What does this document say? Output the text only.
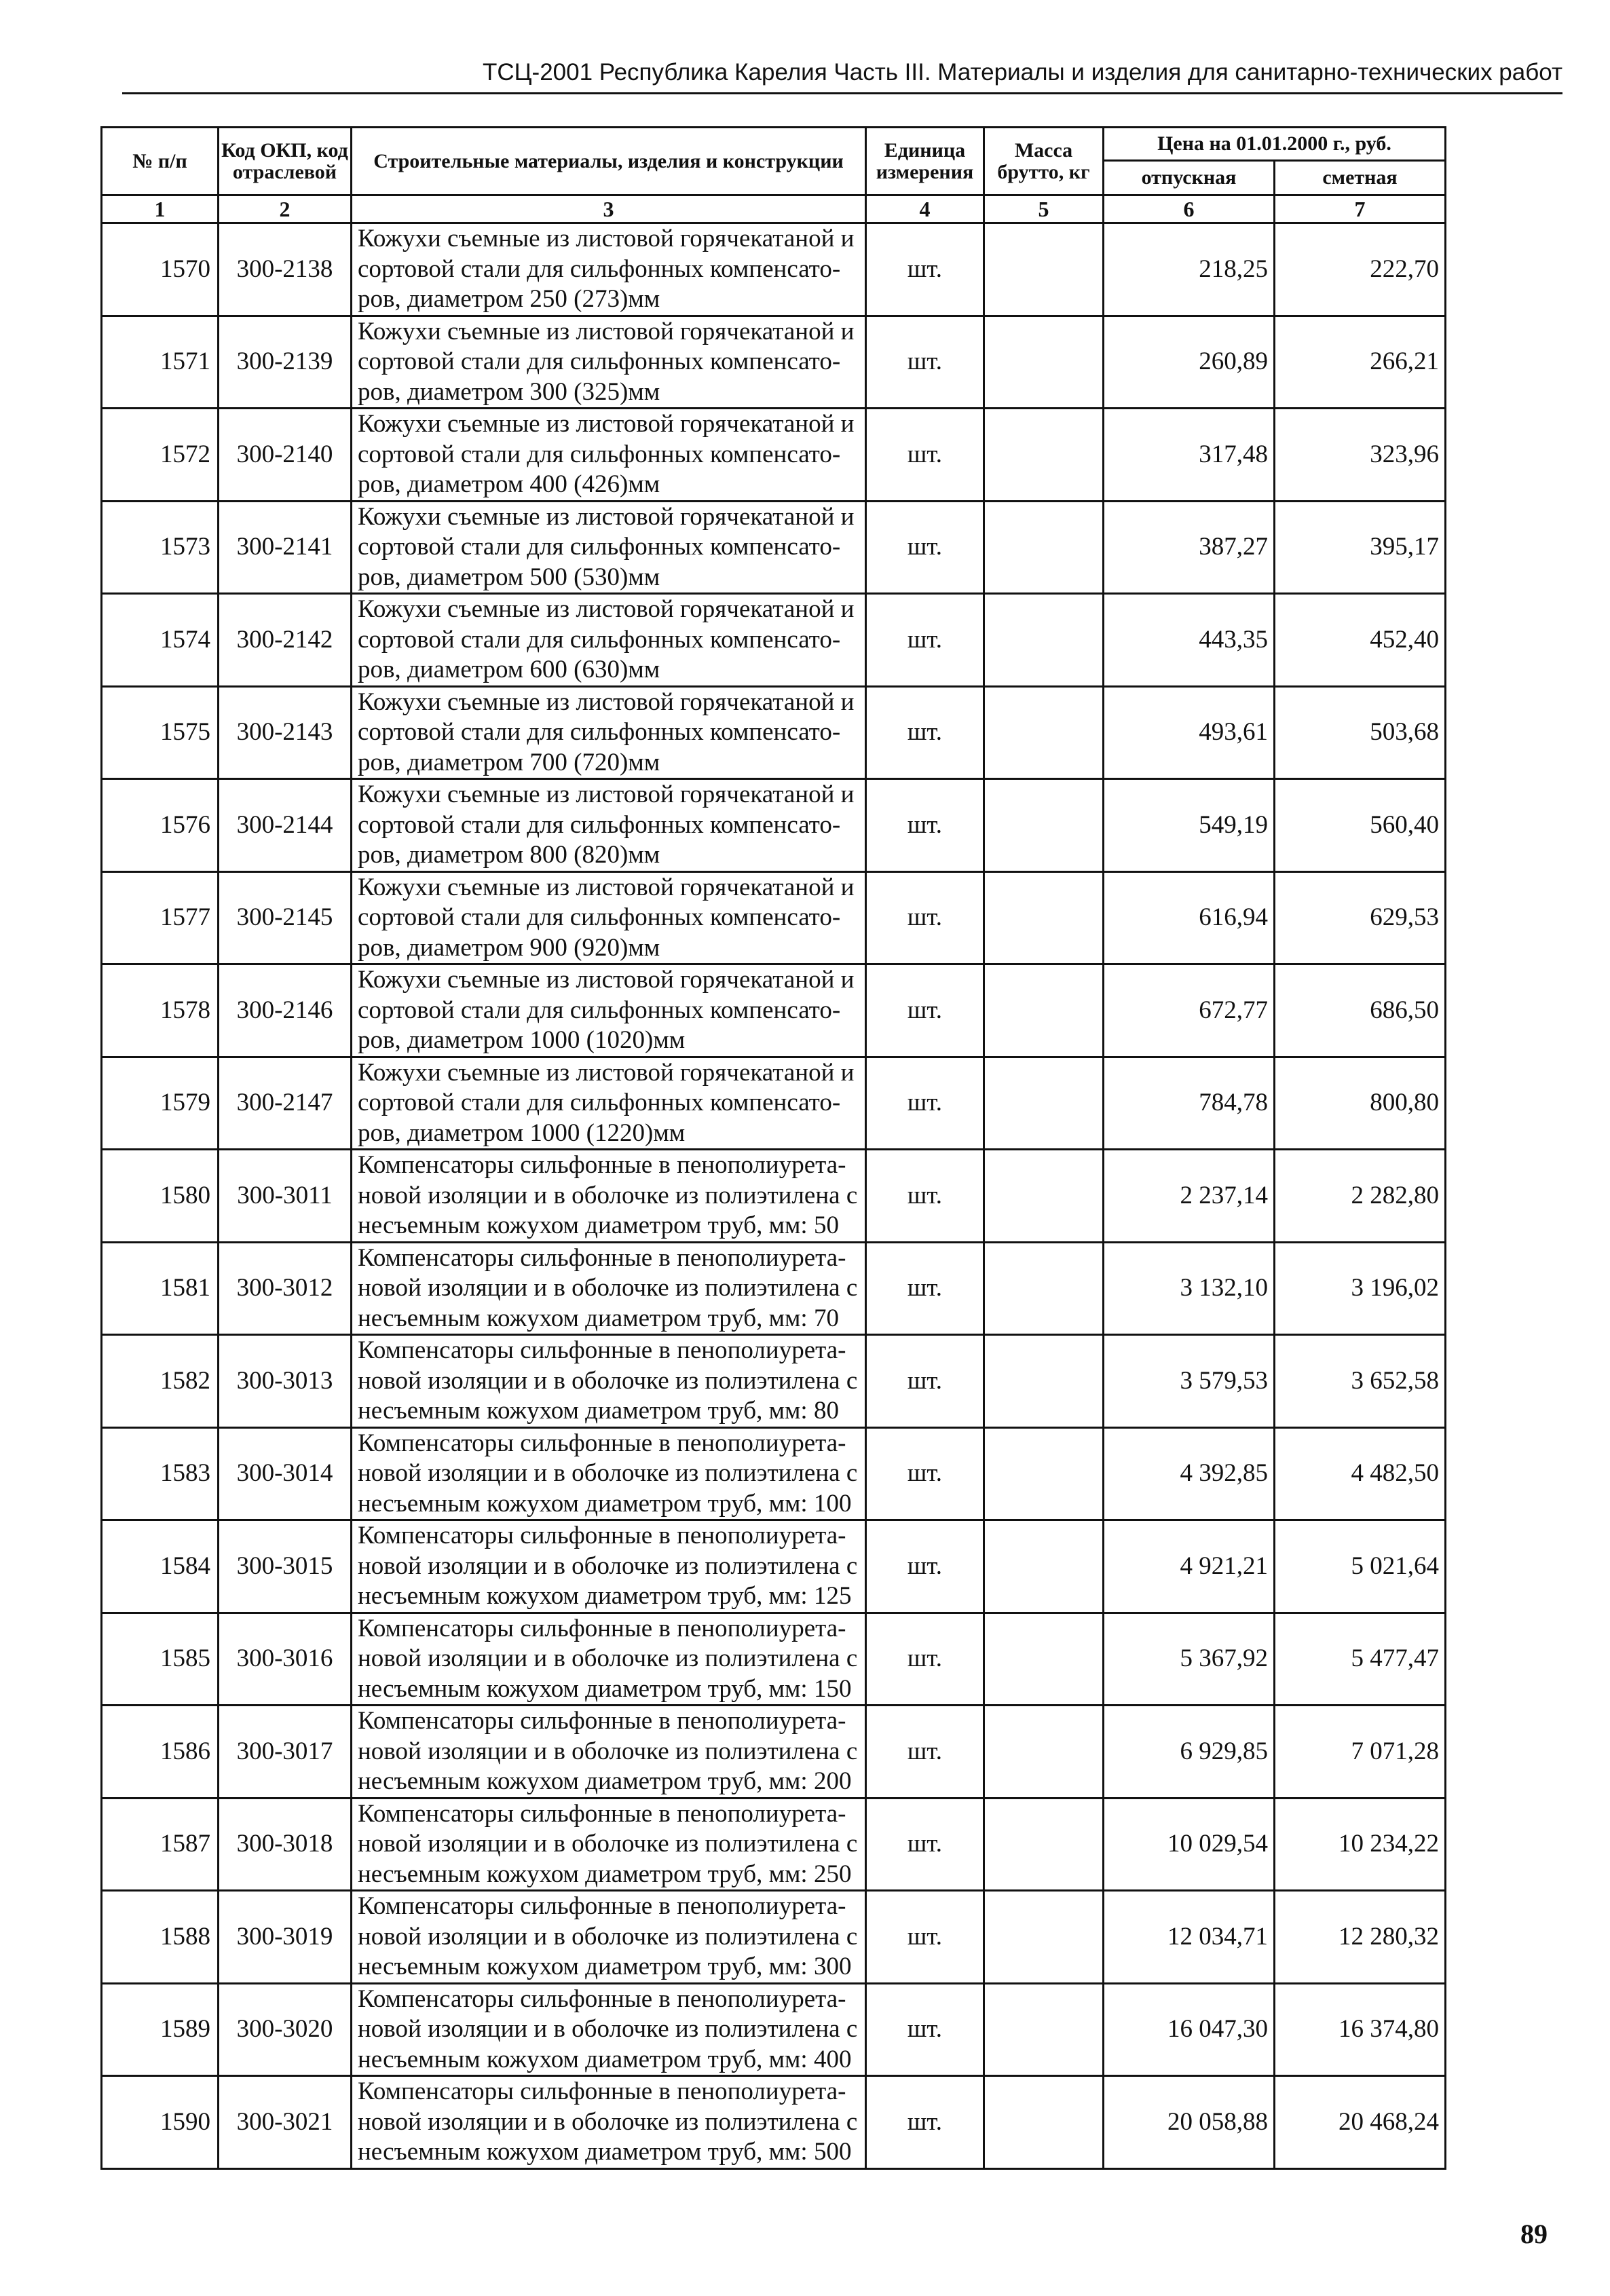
ТСЦ-2001 Республика Карелия Часть III. Материалы и изделия для санитарно-технических работ
№ п/п	Код ОКП, код отраслевой	Строительные материалы, изделия и конструкции	Единица измерения	Масса брутто, кг	Цена на 01.01.2000 г., руб.	
					отпускная	сметная
1	2	3	4	5	6	7
1570	300-2138	Кожухи съемные из листовой горячекатаной и
сортовой стали для сильфонных компенсато-
ров, диаметром 250 (273)мм	шт.		218,25	222,70
1571	300-2139	Кожухи съемные из листовой горячекатаной и
сортовой стали для сильфонных компенсато-
ров, диаметром 300 (325)мм	шт.		260,89	266,21
1572	300-2140	Кожухи съемные из листовой горячекатаной и
сортовой стали для сильфонных компенсато-
ров, диаметром 400 (426)мм	шт.		317,48	323,96
1573	300-2141	Кожухи съемные из листовой горячекатаной и
сортовой стали для сильфонных компенсато-
ров, диаметром 500 (530)мм	шт.		387,27	395,17
1574	300-2142	Кожухи съемные из листовой горячекатаной и
сортовой стали для сильфонных компенсато-
ров, диаметром 600 (630)мм	шт.		443,35	452,40
1575	300-2143	Кожухи съемные из листовой горячекатаной и
сортовой стали для сильфонных компенсато-
ров, диаметром 700 (720)мм	шт.		493,61	503,68
1576	300-2144	Кожухи съемные из листовой горячекатаной и
сортовой стали для сильфонных компенсато-
ров, диаметром 800 (820)мм	шт.		549,19	560,40
1577	300-2145	Кожухи съемные из листовой горячекатаной и
сортовой стали для сильфонных компенсато-
ров, диаметром 900 (920)мм	шт.		616,94	629,53
1578	300-2146	Кожухи съемные из листовой горячекатаной и
сортовой стали для сильфонных компенсато-
ров, диаметром 1000 (1020)мм	шт.		672,77	686,50
1579	300-2147	Кожухи съемные из листовой горячекатаной и
сортовой стали для сильфонных компенсато-
ров, диаметром 1000 (1220)мм	шт.		784,78	800,80
1580	300-3011	Компенсаторы сильфонные в пенополиурета-
новой изоляции и в оболочке из полиэтилена с
несъемным кожухом диаметром труб, мм: 50	шт.		2 237,14	2 282,80
1581	300-3012	Компенсаторы сильфонные в пенополиурета-
новой изоляции и в оболочке из полиэтилена с
несъемным кожухом диаметром труб, мм: 70	шт.		3 132,10	3 196,02
1582	300-3013	Компенсаторы сильфонные в пенополиурета-
новой изоляции и в оболочке из полиэтилена с
несъемным кожухом диаметром труб, мм: 80	шт.		3 579,53	3 652,58
1583	300-3014	Компенсаторы сильфонные в пенополиурета-
новой изоляции и в оболочке из полиэтилена с
несъемным кожухом диаметром труб, мм: 100	шт.		4 392,85	4 482,50
1584	300-3015	Компенсаторы сильфонные в пенополиурета-
новой изоляции и в оболочке из полиэтилена с
несъемным кожухом диаметром труб, мм: 125	шт.		4 921,21	5 021,64
1585	300-3016	Компенсаторы сильфонные в пенополиурета-
новой изоляции и в оболочке из полиэтилена с
несъемным кожухом диаметром труб, мм: 150	шт.		5 367,92	5 477,47
1586	300-3017	Компенсаторы сильфонные в пенополиурета-
новой изоляции и в оболочке из полиэтилена с
несъемным кожухом диаметром труб, мм: 200	шт.		6 929,85	7 071,28
1587	300-3018	Компенсаторы сильфонные в пенополиурета-
новой изоляции и в оболочке из полиэтилена с
несъемным кожухом диаметром труб, мм: 250	шт.		10 029,54	10 234,22
1588	300-3019	Компенсаторы сильфонные в пенополиурета-
новой изоляции и в оболочке из полиэтилена с
несъемным кожухом диаметром труб, мм: 300	шт.		12 034,71	12 280,32
1589	300-3020	Компенсаторы сильфонные в пенополиурета-
новой изоляции и в оболочке из полиэтилена с
несъемным кожухом диаметром труб, мм: 400	шт.		16 047,30	16 374,80
1590	300-3021	Компенсаторы сильфонные в пенополиурета-
новой изоляции и в оболочке из полиэтилена с
несъемным кожухом диаметром труб, мм: 500	шт.		20 058,88	20 468,24
89
